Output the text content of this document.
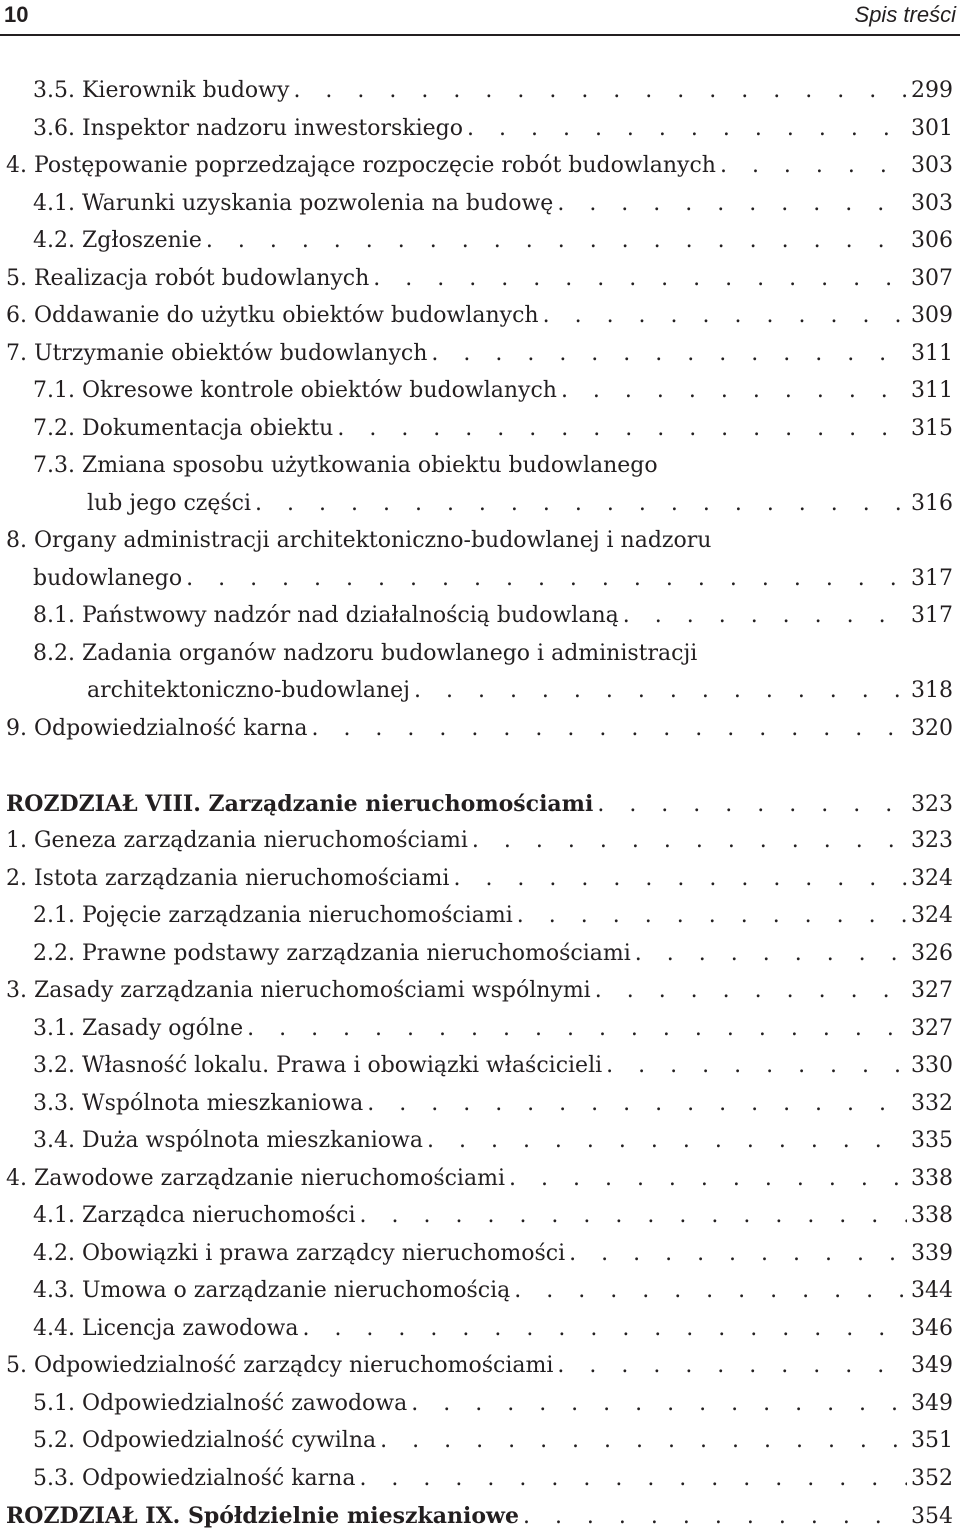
10	Spis treści
3.5. Kierownik budowy . . .	299
3.6. Inspektor nadzoru inwestorskiego . . .	301
4. Postępowanie poprzedzające rozpoczęcie robót budowlanych . . .	303
4.1. Warunki uzyskania pozwolenia na budowę . . .	303
4.2. Zgłoszenie . . .	306
5. Realizacja robót budowlanych . . .	307
6. Oddawanie do użytku obiektów budowlanych . . .	309
7. Utrzymanie obiektów budowlanych . . .	311
7.1. Okresowe kontrole obiektów budowlanych . . .	311
7.2. Dokumentacja obiektu . . .	315
7.3. Zmiana sposobu użytkowania obiektu budowlanego
lub jego części . . .	316
8. Organy administracji architektoniczno-budowlanej i nadzoru
budowlanego . . .	317
8.1. Państwowy nadzór nad działalnością budowlaną . . .	317
8.2. Zadania organów nadzoru budowlanego i administracji
architektoniczno-budowlanej . . .	318
9. Odpowiedzialność karna . . .	320
ROZDZIAŁ VIII. Zarządzanie nieruchomościami . . .	323
1. Geneza zarządzania nieruchomościami . . .	323
2. Istota zarządzania nieruchomościami . . .	324
2.1. Pojęcie zarządzania nieruchomościami . . .	324
2.2. Prawne podstawy zarządzania nieruchomościami . . .	326
3. Zasady zarządzania nieruchomościami wspólnymi . . .	327
3.1. Zasady ogólne . . .	327
3.2. Własność lokalu. Prawa i obowiązki właścicieli . . .	330
3.3. Wspólnota mieszkaniowa . . .	332
3.4. Duża wspólnota mieszkaniowa . . .	335
4. Zawodowe zarządzanie nieruchomościami . . .	338
4.1. Zarządca nieruchomości . . .	338
4.2. Obowiązki i prawa zarządcy nieruchomości . . .	339
4.3. Umowa o zarządzanie nieruchomością . . .	344
4.4. Licencja zawodowa . . .	346
5. Odpowiedzialność zarządcy nieruchomościami . . .	349
5.1. Odpowiedzialność zawodowa . . .	349
5.2. Odpowiedzialność cywilna . . .	351
5.3. Odpowiedzialność karna . . .	352
ROZDZIAŁ IX. Spółdzielnie mieszkaniowe . . .	354
